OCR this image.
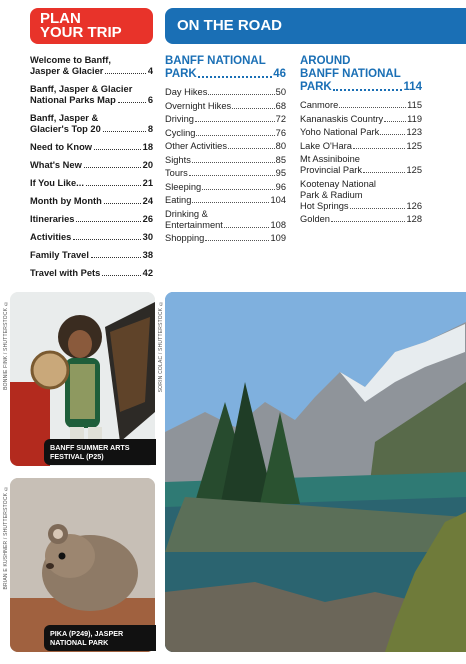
PLAN
YOUR TRIP	ON THE ROAD
Welcome to Banff,
Jasper & Glacier	4
Banff, Jasper & Glacier
National Parks Map	6
Banff, Jasper &
Glacier's Top 20	8
Need to Know	18
What's New	20
If You Like...	21
Month by Month	24
Itineraries	26
Activities	30
Family Travel	38
Travel with Pets	42
BANFF NATIONAL
PARK	46
Day Hikes	50
Overnight Hikes	68
Driving	72
Cycling	76
Other Activities	80
Sights	85
Tours	95
Sleeping	96
Eating	104
Drinking &
Entertainment	108
Shopping	109
AROUND
BANFF NATIONAL
PARK	114
Canmore	115
Kananaskis Country	119
Yoho National Park	123
Lake O'Hara	125
Mt Assiniboine
Provincial Park	125
Kootenay National
Park & Radium
Hot Springs	126
Golden	128
BONNIE FINK / SHUTTERSTOCK ©
BANFF SUMMER ARTS
FESTIVAL (P25)
BRIAN E KUSHNER / SHUTTERSTOCK ©
PIKA (P249), JASPER
NATIONAL PARK
SORIN COLAC / SHUTTERSTOCK ©
